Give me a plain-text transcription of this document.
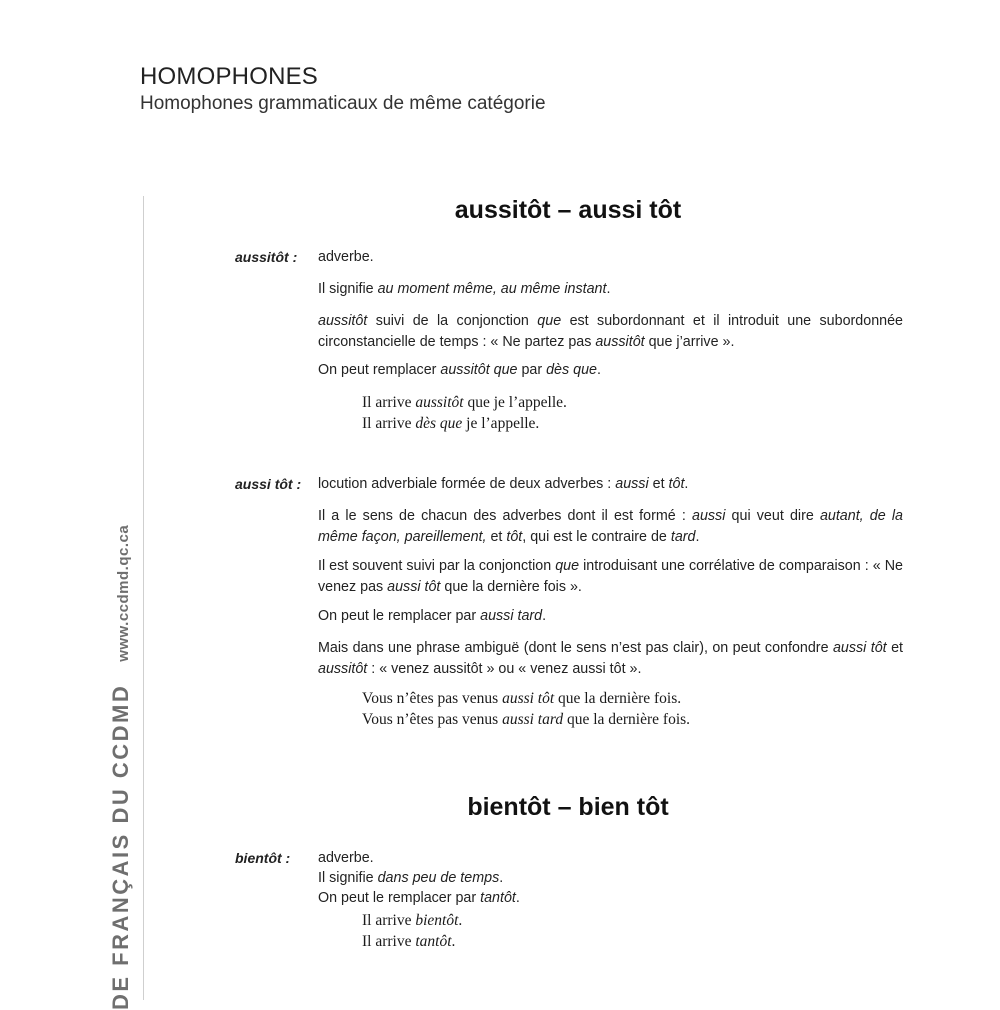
HOMOPHONES
Homophones grammaticaux de même catégorie
DE FRANÇAIS DU CCDMDwww.ccdmd.qc.ca
aussitôt – aussi tôt
aussitôt :	adverbe.
Il signifie au moment même, au même instant.
aussitôt suivi de la conjonction que est subordonnant et il introduit une subordonnée circonstancielle de temps : « Ne partez pas aussitôt que j’arrive ».
On peut remplacer aussitôt que par dès que.
Il arrive aussitôt que je l’appelle.
Il arrive dès que je l’appelle.
aussi tôt :	locution adverbiale formée de deux adverbes : aussi et tôt.
Il a le sens de chacun des adverbes dont il est formé : aussi qui veut dire autant, de la même façon, pareillement, et tôt, qui est le contraire de tard.
Il est souvent suivi par la conjonction que introduisant une corrélative de comparaison : « Ne venez pas aussi tôt que la dernière fois ».
On peut le remplacer par aussi tard.
Mais dans une phrase ambiguë (dont le sens n’est pas clair), on peut confondre aussi tôt et aussitôt : « venez aussitôt » ou « venez aussi tôt ».
Vous n’êtes pas venus aussi tôt que la dernière fois.
Vous n’êtes pas venus aussi tard que la dernière fois.
bientôt – bien tôt
bientôt :	adverbe.
Il signifie dans peu de temps.
On peut le remplacer par tantôt.
Il arrive bientôt.
Il arrive tantôt.
